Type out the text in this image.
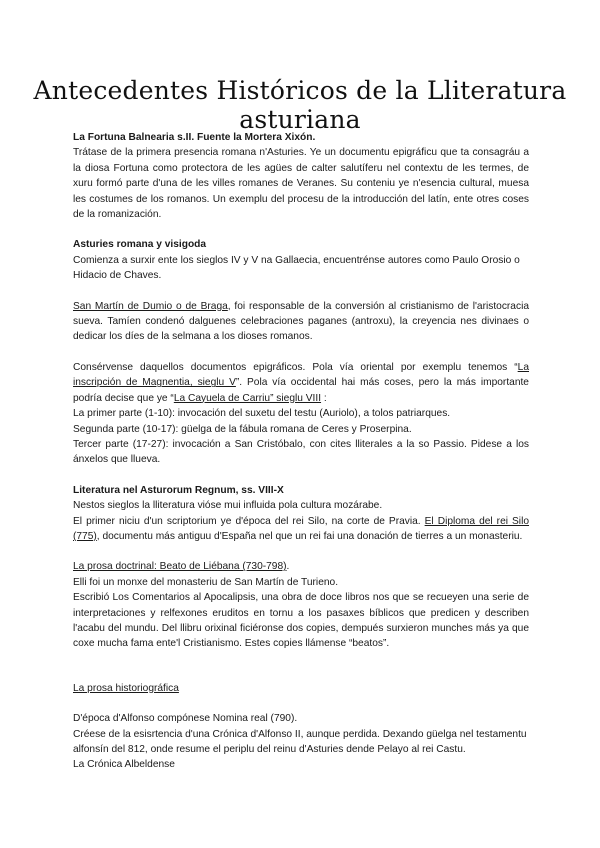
Antecedentes Históricos de la Lliteratura asturiana

La Fortuna Balnearia s.II. Fuente la Mortera Xixón.

Trátase de la primera presencia romana n'Asturies. Ye un documentu epigráficu que ta consagráu a la diosa Fortuna como protectora de les agües de calter salutíferu nel contextu de les termes, de xuru formó parte d'una de les villes romanes de Veranes. Su conteniu ye n'esencia cultural, muesa les costumes de los romanos. Un exemplu del procesu de la introducción del latín, ente otres coses de la romanización.

Asturies romana y visigoda

Comienza a surxir ente los sieglos IV y V na Gallaecia, encuentrénse autores como Paulo Orosio o Hidacio de Chaves.

San Martín de Dumio o de Braga, foi responsable de la conversión al cristianismo de l'aristocracia sueva. Tamíen condenó dalguenes celebraciones paganes (antroxu), la creyencia nes divinaes o dedicar los díes de la selmana a los dioses romanos.

Consérvense daquellos documentos epigráficos. Pola vía oriental por exemplu tenemos “La inscripción de Magnentia, sieglu V”. Pola vía occidental hai más coses, pero la más importante podría decise que ye “La Cayuela de Carriu” sieglu VIII :

La primer parte (1-10): invocación del suxetu del testu (Auriolo), a tolos patriarques.

Segunda parte (10-17): güelga de la fábula romana de Ceres y Proserpina.

Tercer parte (17-27): invocación a San Cristóbalo, con cites lliterales a la so Passio. Pidese a los ánxelos que llueva.

Literatura nel Asturorum Regnum, ss. VIII-X

Nestos sieglos la lliteratura vióse mui influida pola cultura mozárabe.

El primer niciu d'un scriptorium ye d'época del rei Silo, na corte de Pravia. El Diploma del rei Silo (775), documentu más antiguu d'España nel que un rei fai una donación de tierres a un monasteriu.

La prosa doctrinal: Beato de Liébana (730-798).

Elli foi un monxe del monasteriu de San Martín de Turieno.

Escribió Los Comentarios al Apocalipsis, una obra de doce libros nos que se recueyen una serie de interpretaciones y relfexones eruditos en tornu a los pasaxes bíblicos que predicen y describen l'acabu del mundu. Del llibru orixinal ficiéronse dos copies, dempués surxieron munches más ya que coxe mucha fama ente'l Cristianismo. Estes copies llámense “beatos”.

La prosa historiográfica

D'época d'Alfonso compónese Nomina real (790).

Créese de la esisrtencia d'una Crónica d'Alfonso II, aunque perdida. Dexando güelga nel testamentu alfonsín del 812, onde resume el periplu del reinu d'Asturies dende Pelayo al rei Castu.

La Crónica Albeldense
